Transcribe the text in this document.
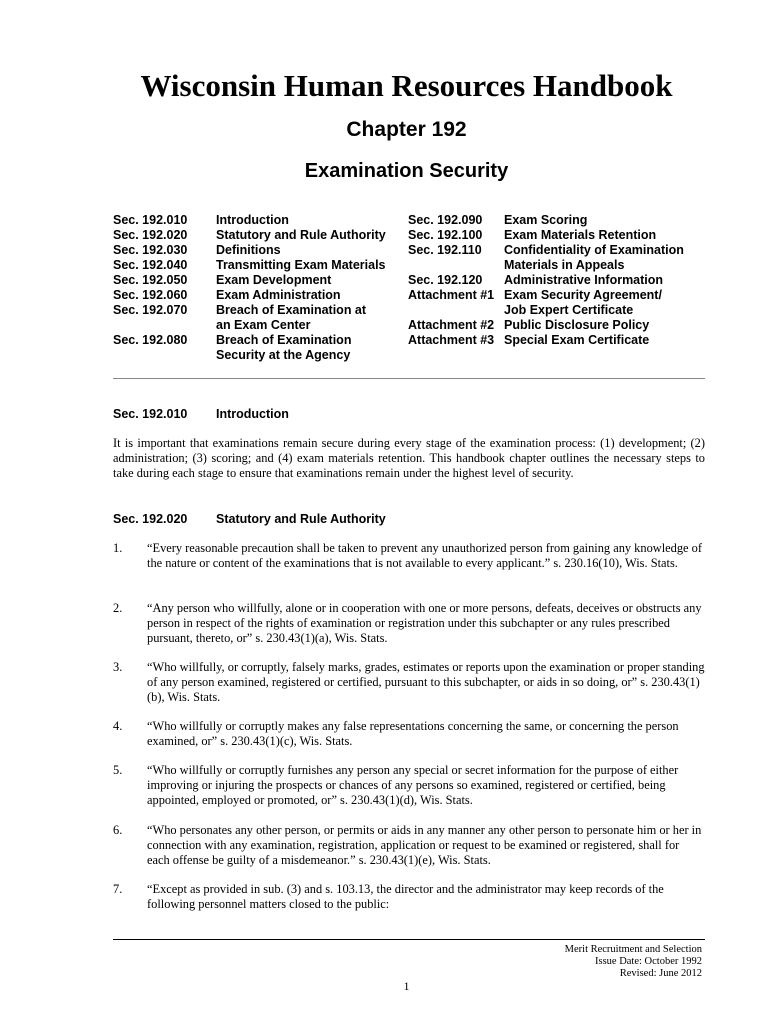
Wisconsin Human Resources Handbook
Chapter 192
Examination Security
Sec. 192.010 Introduction
Sec. 192.020 Statutory and Rule Authority
Sec. 192.030 Definitions
Sec. 192.040 Transmitting Exam Materials
Sec. 192.050 Exam Development
Sec. 192.060 Exam Administration
Sec. 192.070 Breach of Examination at
an Exam Center
Sec. 192.080 Breach of Examination
Security at the Agency
Sec. 192.090 Exam Scoring
Sec. 192.100 Exam Materials Retention
Sec. 192.110 Confidentiality of Examination
Materials in Appeals
Sec. 192.120 Administrative Information
Attachment #1 Exam Security Agreement/
Job Expert Certificate
Attachment #2 Public Disclosure Policy
Attachment #3 Special Exam Certificate
Sec. 192.010 Introduction

It is important that examinations remain secure during every stage of the examination process: (1) development; (2) administration; (3) scoring; and (4) exam materials retention. This handbook chapter outlines the necessary steps to take during each stage to ensure that examinations remain under the highest level of security.

Sec. 192.020 Statutory and Rule Authority
1. “Every reasonable precaution shall be taken to prevent any unauthorized person from gaining any knowledge of the nature or content of the examinations that is not available to every applicant.” s. 230.16(10), Wis. Stats.
2. “Any person who willfully, alone or in cooperation with one or more persons, defeats, deceives or obstructs any person in respect of the rights of examination or registration under this subchapter or any rules prescribed pursuant, thereto, or” s. 230.43(1)(a), Wis. Stats.
3. “Who willfully, or corruptly, falsely marks, grades, estimates or reports upon the examination or proper standing of any person examined, registered or certified, pursuant to this subchapter, or aids in so doing, or” s. 230.43(1)(b), Wis. Stats.
4. “Who willfully or corruptly makes any false representations concerning the same, or concerning the person examined, or” s. 230.43(1)(c), Wis. Stats.
5. “Who willfully or corruptly furnishes any person any special or secret information for the purpose of either improving or injuring the prospects or chances of any persons so examined, registered or certified, being appointed, employed or promoted, or” s. 230.43(1)(d), Wis. Stats.
6. “Who personates any other person, or permits or aids in any manner any other person to personate him or her in connection with any examination, registration, application or request to be examined or registered, shall for each offense be guilty of a misdemeanor.” s. 230.43(1)(e), Wis. Stats.
7. “Except as provided in sub. (3) and s. 103.13, the director and the administrator may keep records of the following personnel matters closed to the public:
Merit Recruitment and Selection
Issue Date: October 1992
Revised: June 2012
1
